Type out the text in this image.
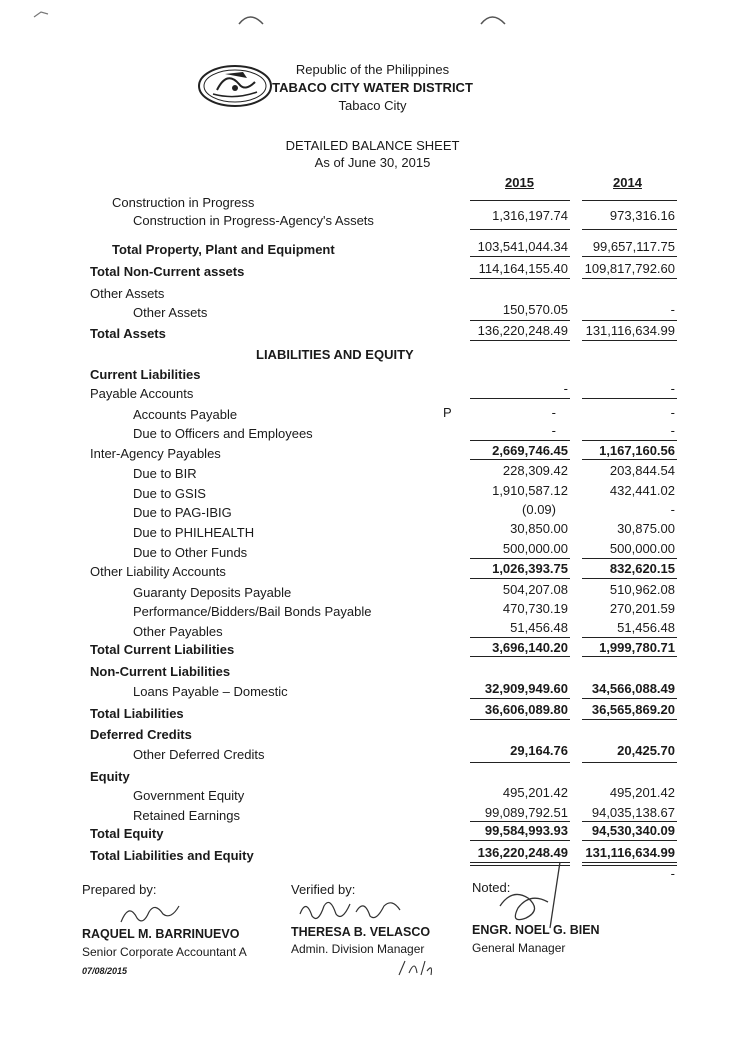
Republic of the Philippines
TABACO CITY WATER DISTRICT
Tabaco City
DETAILED BALANCE SHEET
As of June 30, 2015
2015	2014
Construction in Progress
Construction in Progress-Agency's Assets	1,316,197.74	973,316.16
Total Property, Plant and Equipment	103,541,044.34	99,657,117.75
Total Non-Current assets	114,164,155.40 109,817,792.60
Other Assets
Other Assets	150,570.05	-
Total Assets	136,220,248.49 131,116,634.99
LIABILITIES AND EQUITY
Current Liabilities
Payable Accounts	-	-
Accounts Payable	P	-	-
Due to Officers and Employees	-	-
Inter-Agency Payables	2,669,746.45	1,167,160.56
Due to BIR	228,309.42	203,844.54
Due to GSIS	1,910,587.12	432,441.02
Due to PAG-IBIG	(0.09)	-
Due to PHILHEALTH	30,850.00	30,875.00
Due to Other Funds	500,000.00	500,000.00
Other Liability Accounts	1,026,393.75	832,620.15
Guaranty Deposits Payable	504,207.08	510,962.08
Performance/Bidders/Bail Bonds Payable	470,730.19	270,201.59
Other Payables	51,456.48	51,456.48
Total Current Liabilities	3,696,140.20	1,999,780.71
Non-Current Liabilities
Loans Payable – Domestic	32,909,949.60	34,566,088.49
Total Liabilities	36,606,089.80	36,565,869.20
Deferred Credits
Other Deferred Credits	29,164.76	20,425.70
Equity
Government Equity	495,201.42	495,201.42
Retained Earnings	99,089,792.51	94,035,138.67
Total Equity	99,584,993.93	94,530,340.09
Total Liabilities and Equity	136,220,248.49 131,116,634.99
-
Prepared by:	Verified by:	Noted:
RAQUEL M. BARRINUEVO
Senior Corporate Accountant A
07/08/2015
THERESA B. VELASCO
Admin. Division Manager
ENGR. NOEL G. BIEN
General Manager
